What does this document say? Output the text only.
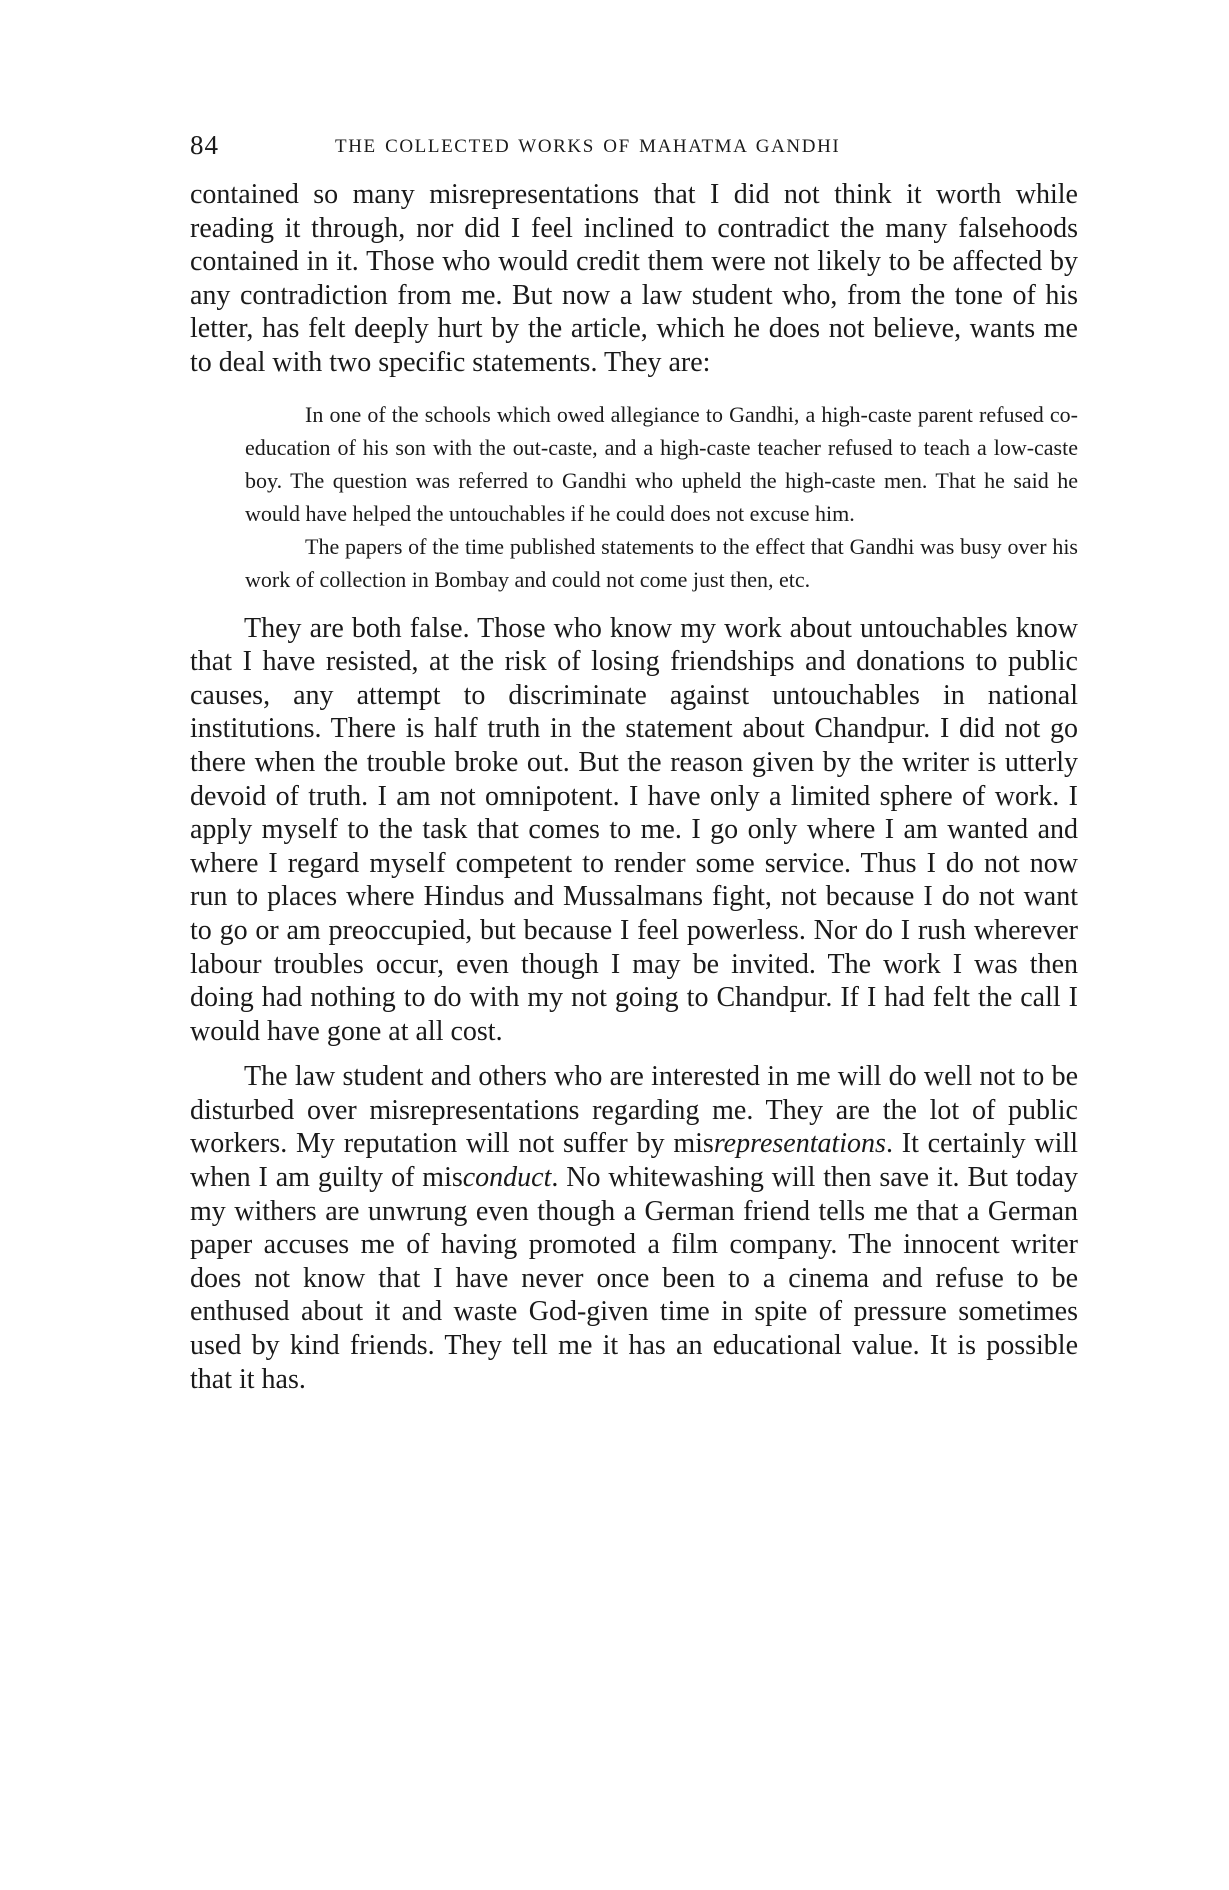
84	THE COLLECTED WORKS OF MAHATMA GANDHI

contained so many misrepresentations that I did not think it worth while reading it through, nor did I feel inclined to contradict the many falsehoods contained in it. Those who would credit them were not likely to be affected by any contradiction from me. But now a law student who, from the tone of his letter, has felt deeply hurt by the article, which he does not believe, wants me to deal with two specific statements. They are:

In one of the schools which owed allegiance to Gandhi, a high-caste parent refused co-education of his son with the out-caste, and a high-caste teacher refused to teach a low-caste boy. The question was referred to Gandhi who upheld the high-caste men. That he said he would have helped the untouchables if he could does not excuse him.

The papers of the time published statements to the effect that Gandhi was busy over his work of collection in Bombay and could not come just then, etc.

They are both false. Those who know my work about untouchables know that I have resisted, at the risk of losing friendships and donations to public causes, any attempt to discriminate against untouchables in national institutions. There is half truth in the statement about Chandpur. I did not go there when the trouble broke out. But the reason given by the writer is utterly devoid of truth. I am not omnipotent. I have only a limited sphere of work. I apply myself to the task that comes to me. I go only where I am wanted and where I regard myself competent to render some service. Thus I do not now run to places where Hindus and Mussalmans fight, not because I do not want to go or am preoccupied, but because I feel powerless. Nor do I rush wherever labour troubles occur, even though I may be invited. The work I was then doing had nothing to do with my not going to Chandpur. If I had felt the call I would have gone at all cost.

The law student and others who are interested in me will do well not to be disturbed over misrepresentations regarding me. They are the lot of public workers. My reputation will not suffer by misrepresentations. It certainly will when I am guilty of misconduct. No whitewashing will then save it. But today my withers are unwrung even though a German friend tells me that a German paper accuses me of having promoted a film company. The innocent writer does not know that I have never once been to a cinema and refuse to be enthused about it and waste God-given time in spite of pressure sometimes used by kind friends. They tell me it has an educational value. It is possible that it has.
